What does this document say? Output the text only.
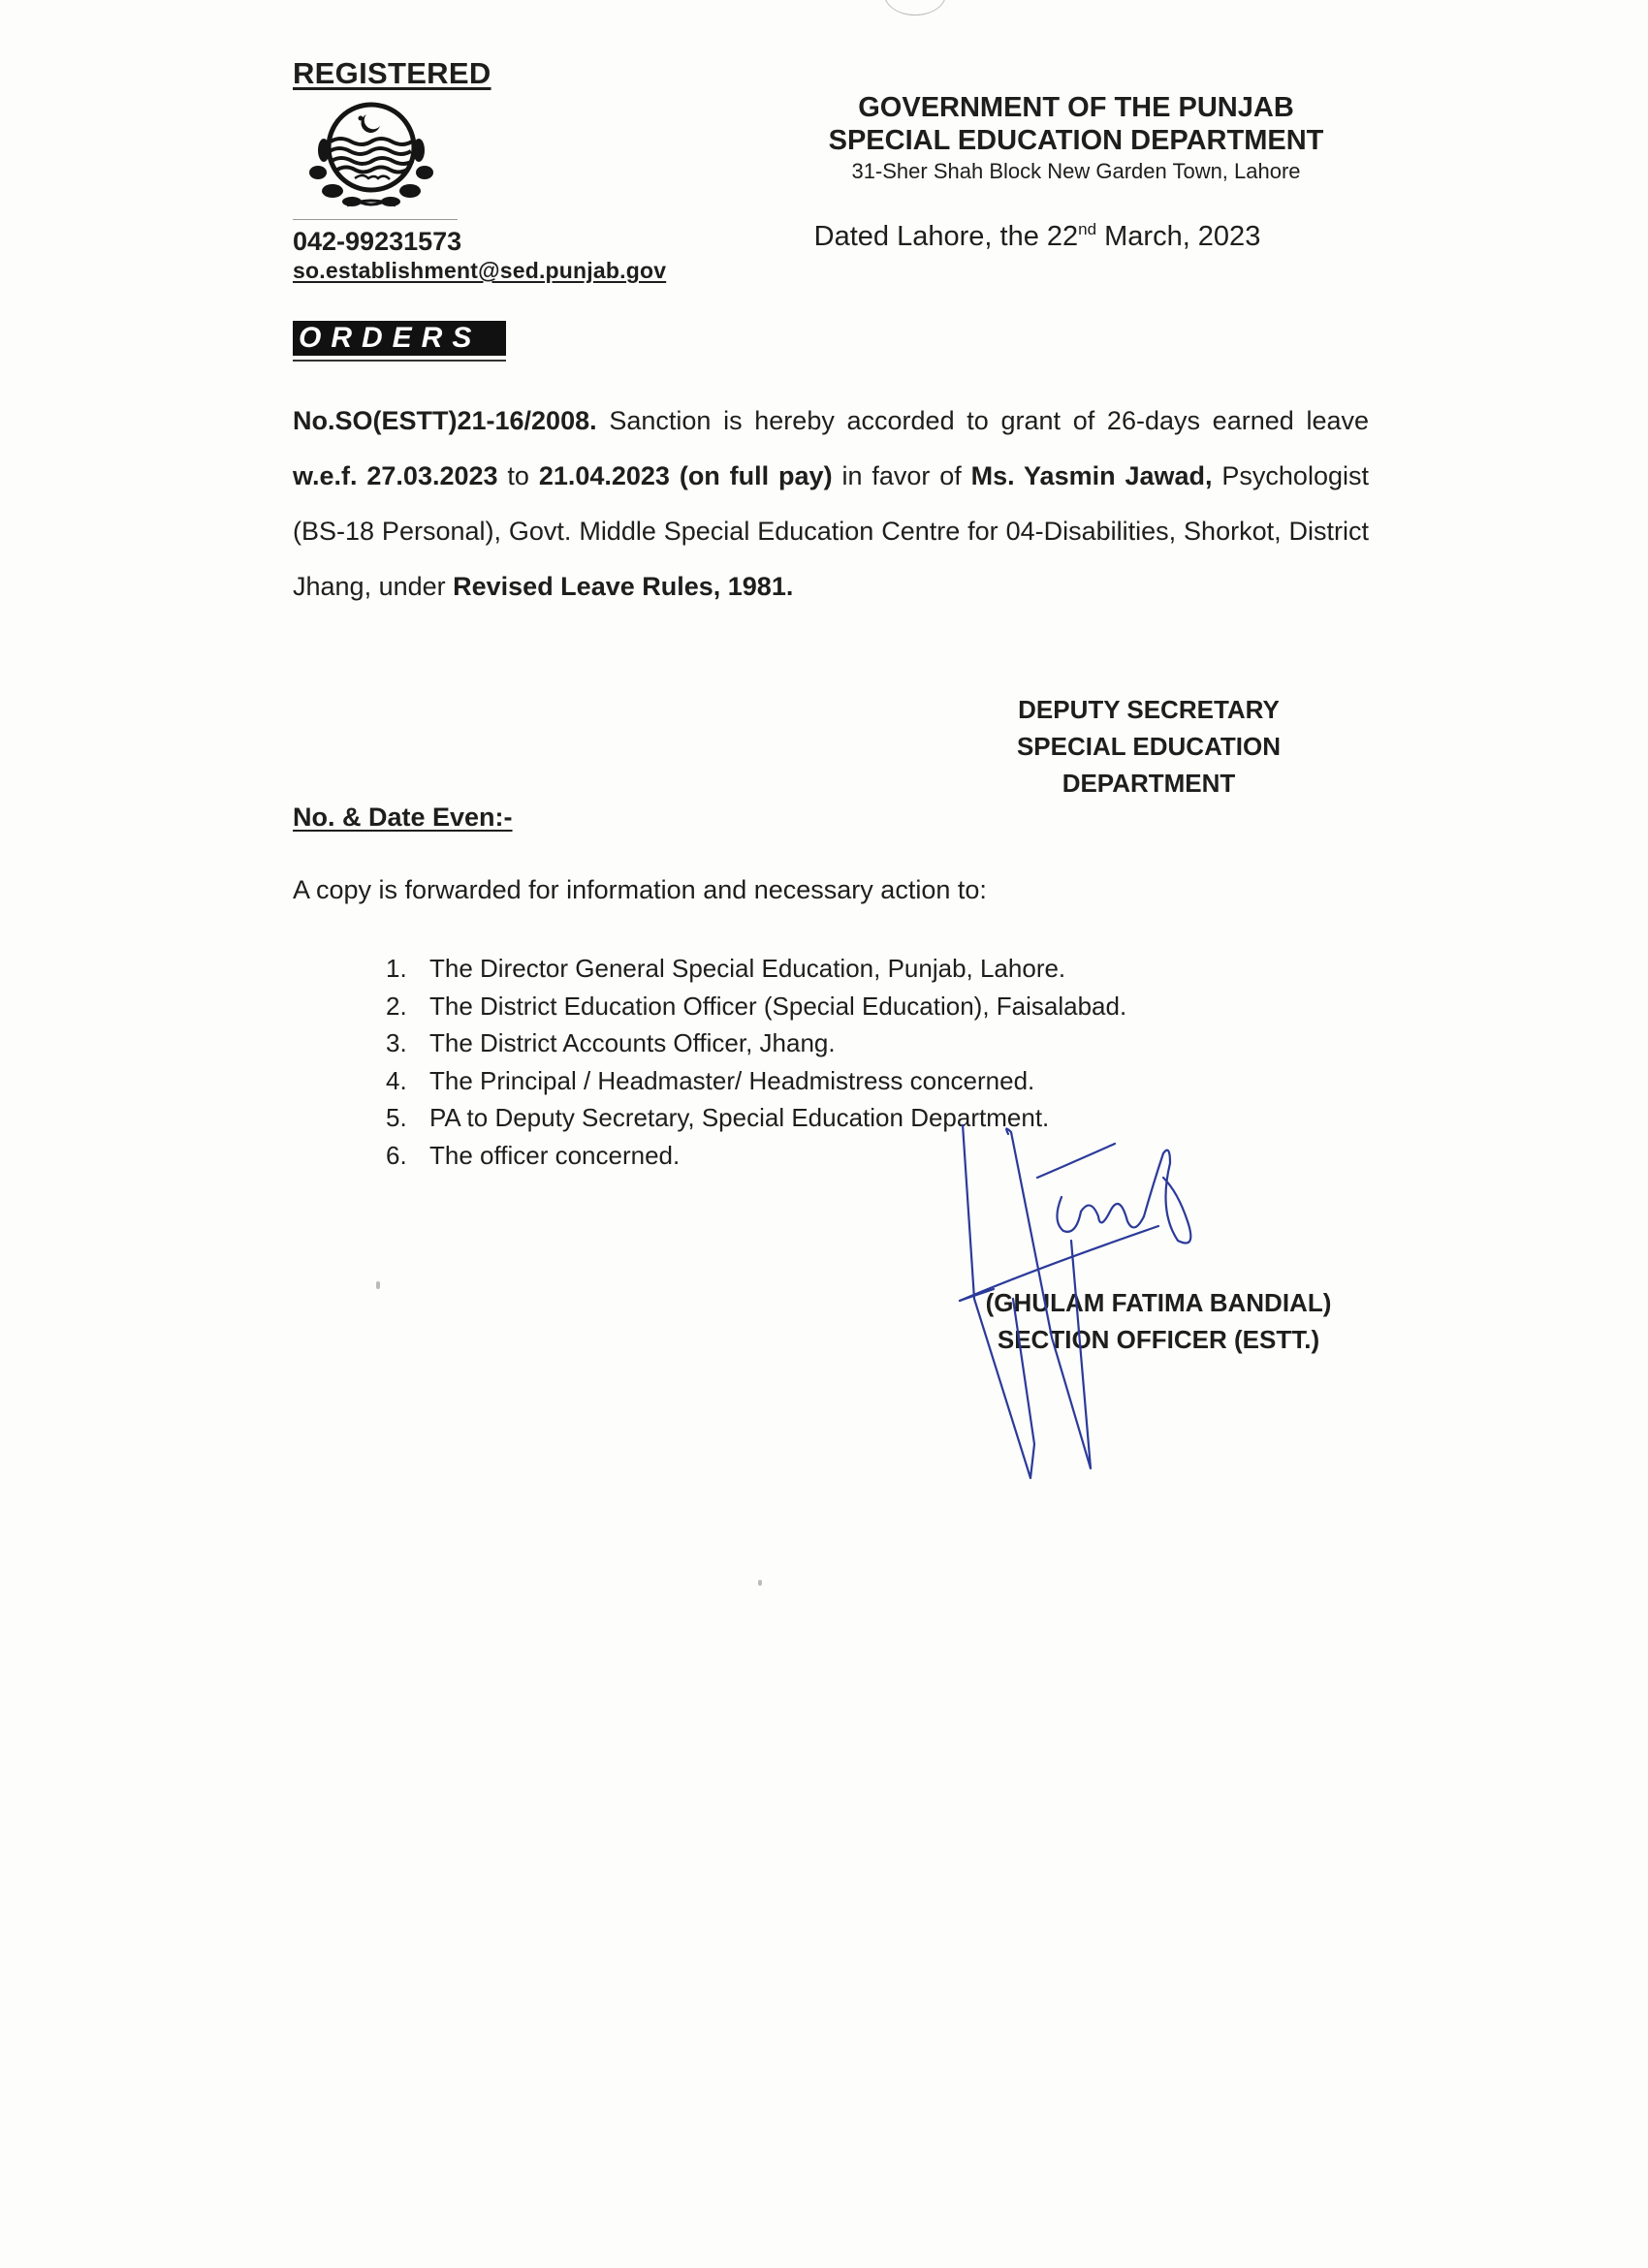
REGISTERED
042-99231573
so.establishment@sed.punjab.gov
GOVERNMENT OF THE PUNJAB
SPECIAL EDUCATION DEPARTMENT
31-Sher Shah Block New Garden Town, Lahore
Dated Lahore, the 22nd March, 2023
ORDERS
No.SO(ESTT)21-16/2008. Sanction is hereby accorded to grant of 26-days earned leave w.e.f. 27.03.2023 to 21.04.2023 (on full pay) in favor of Ms. Yasmin Jawad, Psychologist (BS-18 Personal), Govt. Middle Special Education Centre for 04-Disabilities, Shorkot, District Jhang, under Revised Leave Rules, 1981.
DEPUTY SECRETARY
SPECIAL EDUCATION
DEPARTMENT
No. & Date Even:-
A copy is forwarded for information and necessary action to:
1. The Director General Special Education, Punjab, Lahore.
2. The District Education Officer (Special Education), Faisalabad.
3. The District Accounts Officer, Jhang.
4. The Principal / Headmaster/ Headmistress concerned.
5. PA to Deputy Secretary, Special Education Department.
6. The officer concerned.
(GHULAM FATIMA BANDIAL)
SECTION OFFICER (ESTT.)
